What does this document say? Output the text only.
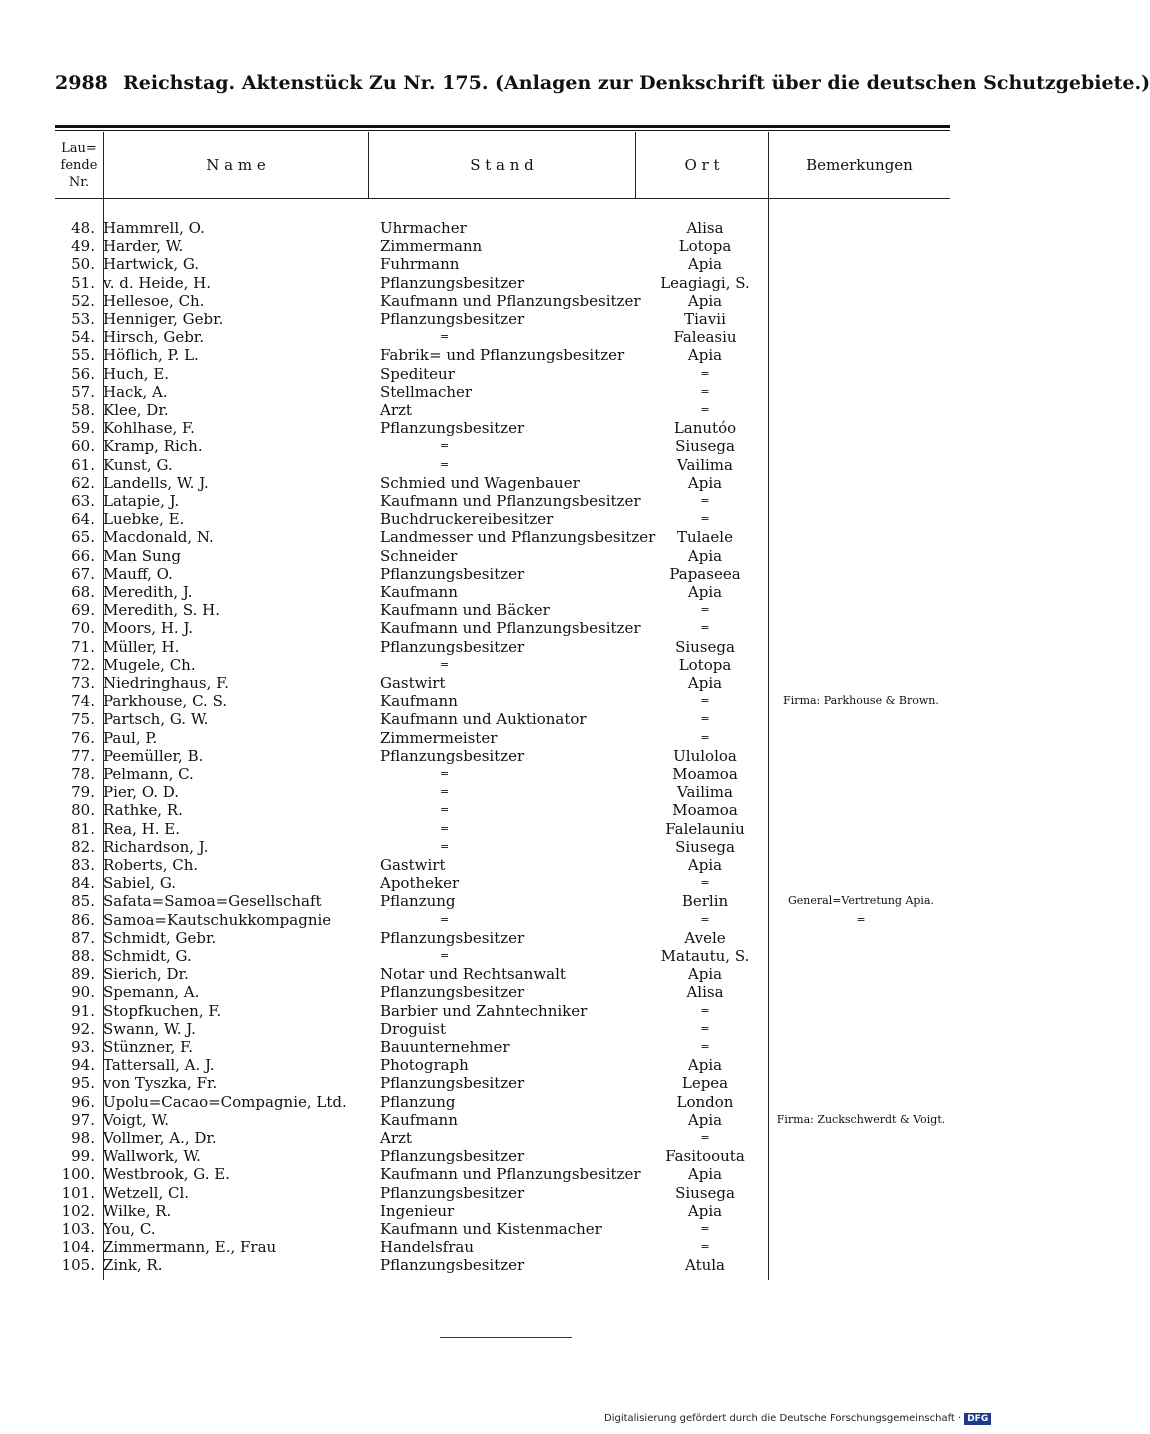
2988 Reichstag. Aktenstück Zu Nr. 175. (Anlagen zur Denkschrift über die deutschen Schutzgebiete.)
Lau=
fende
Nr.
N a m e	S t a n d	O r t	Bemerkungen
48. Hammrell, O.	Uhrmacher	Alisa
49. Harder, W.	Zimmermann	Lotopa
50. Hartwick, G.	Fuhrmann	Apia
51. v. d. Heide, H.	Pflanzungsbesitzer	Leagiagi, S.
52. Hellesoe, Ch.	Kaufmann und Pflanzungsbesitzer	Apia
53. Henniger, Gebr.	Pflanzungsbesitzer	Tiavii
54. Hirsch, Gebr.	=	Faleasiu
55. Höflich, P. L.	Fabrik= und Pflanzungsbesitzer	Apia
56. Huch, E.	Spediteur	=
57. Hack, A.	Stellmacher	=
58. Klee, Dr.	Arzt	=
59. Kohlhase, F.	Pflanzungsbesitzer	Lanutóo
60. Kramp, Rich.	=	Siusega
61. Kunst, G.	=	Vailima
62. Landells, W. J.	Schmied und Wagenbauer	Apia
63. Latapie, J.	Kaufmann und Pflanzungsbesitzer	=
64. Luebke, E.	Buchdruckereibesitzer	=
65. Macdonald, N.	Landmesser und Pflanzungsbesitzer	Tulaele
66. Man Sung	Schneider	Apia
67. Mauff, O.	Pflanzungsbesitzer	Papaseea
68. Meredith, J.	Kaufmann	Apia
69. Meredith, S. H.	Kaufmann und Bäcker	=
70. Moors, H. J.	Kaufmann und Pflanzungsbesitzer	=
71. Müller, H.	Pflanzungsbesitzer	Siusega
72. Mugele, Ch.	=	Lotopa
73. Niedringhaus, F.	Gastwirt	Apia
74. Parkhouse, C. S.	Kaufmann	=	Firma: Parkhouse & Brown.
75. Partsch, G. W.	Kaufmann und Auktionator	=
76. Paul, P.	Zimmermeister	=
77. Peemüller, B.	Pflanzungsbesitzer	Ululoloa
78. Pelmann, C.	=	Moamoa
79. Pier, O. D.	=	Vailima
80. Rathke, R.	=	Moamoa
81. Rea, H. E.	=	Falelauniu
82. Richardson, J.	=	Siusega
83. Roberts, Ch.	Gastwirt	Apia
84. Sabiel, G.	Apotheker	=
85. Safata=Samoa=Gesellschaft	Pflanzung	Berlin	General=Vertretung Apia.
86. Samoa=Kautschukkompagnie	=	=	=
87. Schmidt, Gebr.	Pflanzungsbesitzer	Avele
88. Schmidt, G.	=	Matautu, S.
89. Sierich, Dr.	Notar und Rechtsanwalt	Apia
90. Spemann, A.	Pflanzungsbesitzer	Alisa
91. Stopfkuchen, F.	Barbier und Zahntechniker	=
92. Swann, W. J.	Droguist	=
93. Stünzner, F.	Bauunternehmer	=
94. Tattersall, A. J.	Photograph	Apia
95. von Tyszka, Fr.	Pflanzungsbesitzer	Lepea
96. Upolu=Cacao=Compagnie, Ltd.	Pflanzung	London
97. Voigt, W.	Kaufmann	Apia	Firma: Zuckschwerdt & Voigt.
98. Vollmer, A., Dr.	Arzt	=
99. Wallwork, W.	Pflanzungsbesitzer	Fasitoouta
100. Westbrook, G. E.	Kaufmann und Pflanzungsbesitzer	Apia
101. Wetzell, Cl.	Pflanzungsbesitzer	Siusega
102. Wilke, R.	Ingenieur	Apia
103. You, C.	Kaufmann und Kistenmacher	=
104. Zimmermann, E., Frau	Handelsfrau	=
105. Zink, R.	Pflanzungsbesitzer	Atula
Digitalisierung gefördert durch die Deutsche Forschungsgemeinschaft · DFG
